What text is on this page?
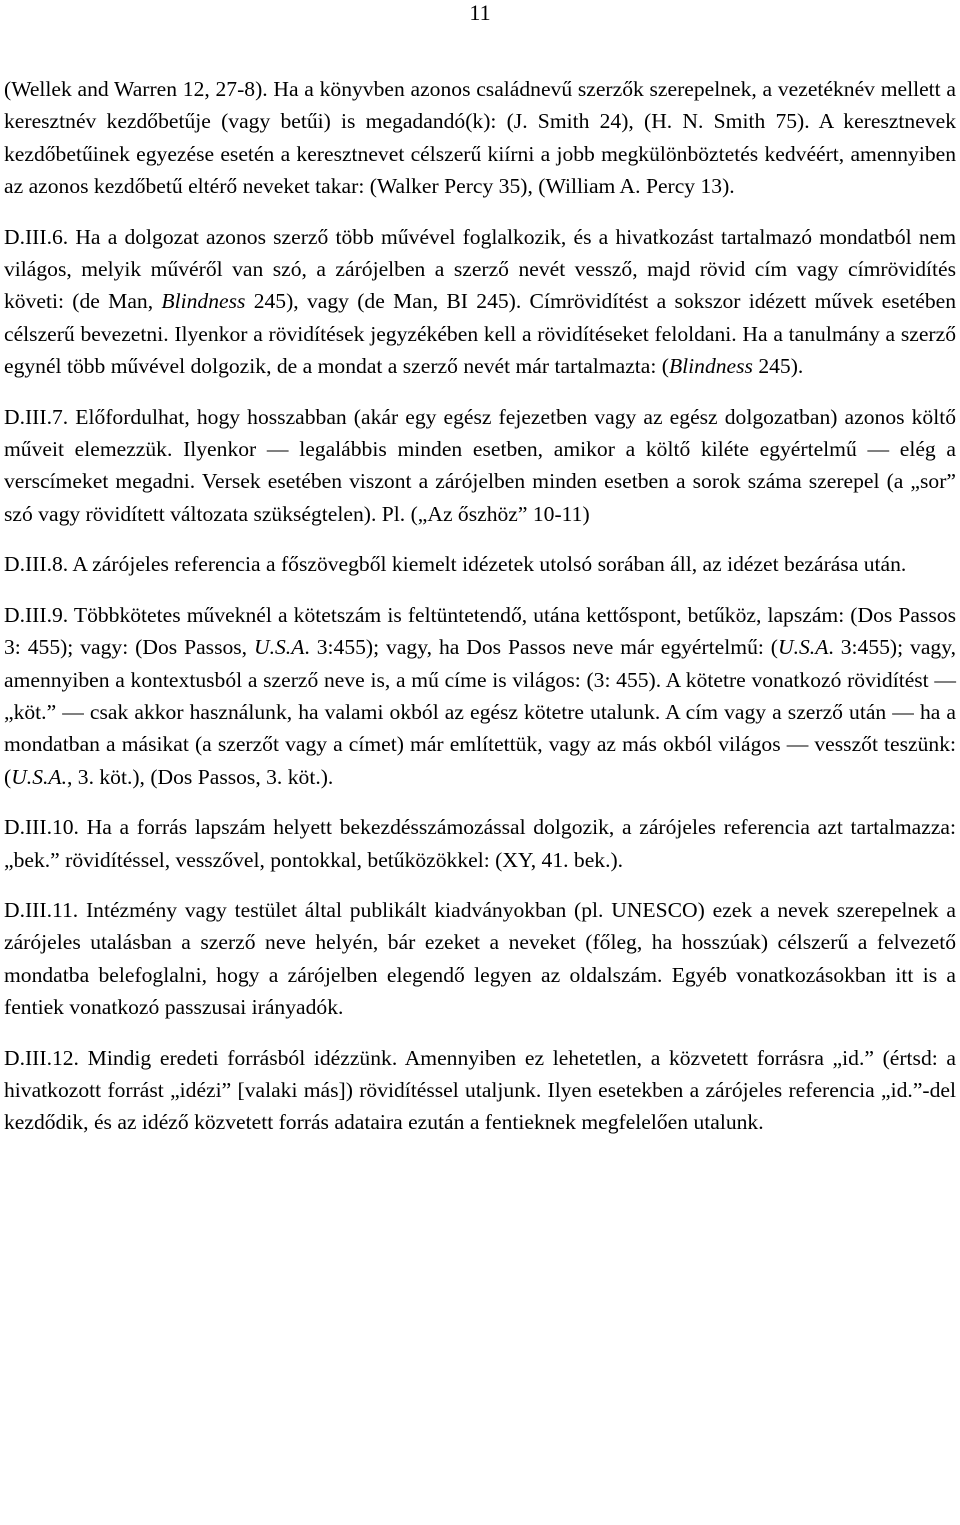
11

(Wellek and Warren 12, 27-8). Ha a könyvben azonos családnevű szerzők szerepelnek, a vezetéknév mellett a keresztnév kezdőbetűje (vagy betűi) is megadandó(k): (J. Smith 24), (H. N. Smith 75). A keresztnevek kezdőbetűinek egyezése esetén a keresztnevet célszerű kiírni a jobb megkülönböztetés kedvéért, amennyiben az azonos kezdőbetű eltérő neveket takar: (Walker Percy 35), (William A. Percy 13).

D.III.6. Ha a dolgozat azonos szerző több művével foglalkozik, és a hivatkozást tartalmazó mondatból nem világos, melyik művéről van szó, a zárójelben a szerző nevét vessző, majd rövid cím vagy címrövidítés követi: (de Man, Blindness 245), vagy (de Man, BI 245). Címrövidítést a sokszor idézett művek esetében célszerű bevezetni. Ilyenkor a rövidítések jegyzékében kell a rövidítéseket feloldani. Ha a tanulmány a szerző egynél több művével dolgozik, de a mondat a szerző nevét már tartalmazta: (Blindness 245).

D.III.7. Előfordulhat, hogy hosszabban (akár egy egész fejezetben vagy az egész dolgozatban) azonos költő műveit elemezzük. Ilyenkor — legalábbis minden esetben, amikor a költő kiléte egyértelmű — elég a verscímeket megadni. Versek esetében viszont a zárójelben minden esetben a sorok száma szerepel (a „sor” szó vagy rövidített változata szükségtelen). Pl. („Az őszhöz” 10-11)

D.III.8. A zárójeles referencia a főszövegből kiemelt idézetek utolsó sorában áll, az idézet bezárása után.

D.III.9. Többkötetes műveknél a kötetszám is feltüntetendő, utána kettőspont, betűköz, lapszám: (Dos Passos 3: 455); vagy: (Dos Passos, U.S.A. 3:455); vagy, ha Dos Passos neve már egyértelmű: (U.S.A. 3:455); vagy, amennyiben a kontextusból a szerző neve is, a mű címe is világos: (3: 455). A kötetre vonatkozó rövidítést — „köt.” — csak akkor használunk, ha valami okból az egész kötetre utalunk. A cím vagy a szerző után — ha a mondatban a másikat (a szerzőt vagy a címet) már említettük, vagy az más okból világos — vesszőt teszünk: (U.S.A., 3. köt.), (Dos Passos, 3. köt.).

D.III.10. Ha a forrás lapszám helyett bekezdésszámozással dolgozik, a zárójeles referencia azt tartalmazza: „bek.” rövidítéssel, vesszővel, pontokkal, betűközökkel: (XY, 41. bek.).

D.III.11. Intézmény vagy testület által publikált kiadványokban (pl. UNESCO) ezek a nevek szerepelnek a zárójeles utalásban a szerző neve helyén, bár ezeket a neveket (főleg, ha hosszúak) célszerű a felvezető mondatba belefoglalni, hogy a zárójelben elegendő legyen az oldalszám. Egyéb vonatkozásokban itt is a fentiek vonatkozó passzusai irányadók.

D.III.12. Mindig eredeti forrásból idézzünk. Amennyiben ez lehetetlen, a közvetett forrásra „id.” (értsd: a hivatkozott forrást „idézi” [valaki más]) rövidítéssel utaljunk. Ilyen esetekben a zárójeles referencia „id.”-del kezdődik, és az idéző közvetett forrás adataira ezután a fentieknek megfelelően utalunk.
